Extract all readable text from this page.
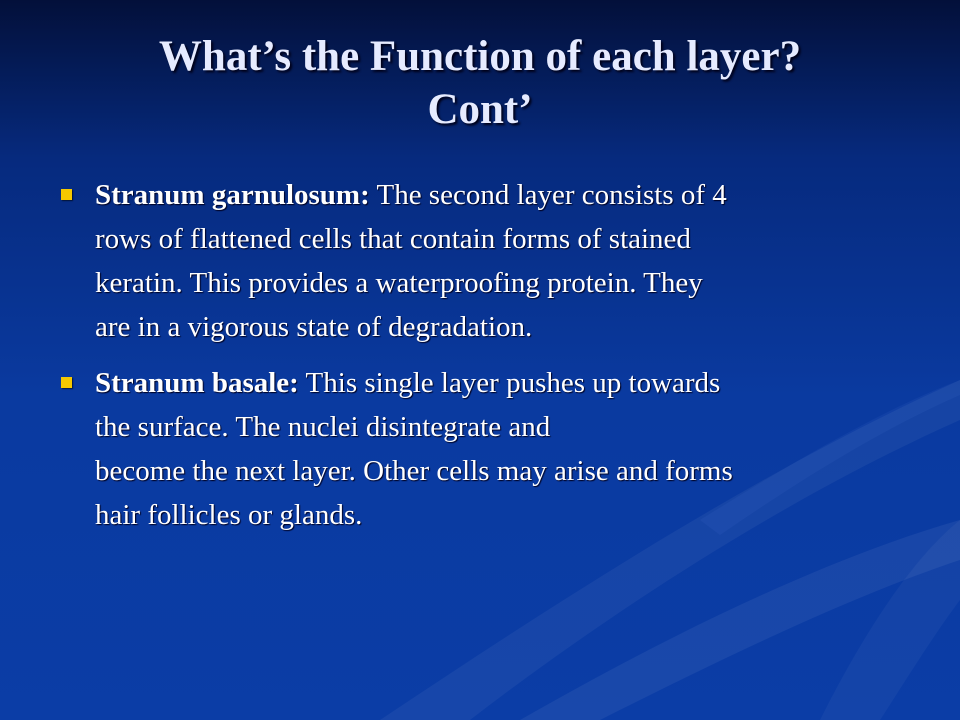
What’s the Function of each layer?
Cont’
Stranum garnulosum: The second layer consists of 4
rows of flattened cells that contain forms of stained
keratin. This provides a waterproofing protein. They
are in a vigorous state of degradation.
Stranum basale: This single layer pushes up towards
the surface. The nuclei disintegrate and
become the next layer. Other cells may arise and forms
hair follicles or glands.
